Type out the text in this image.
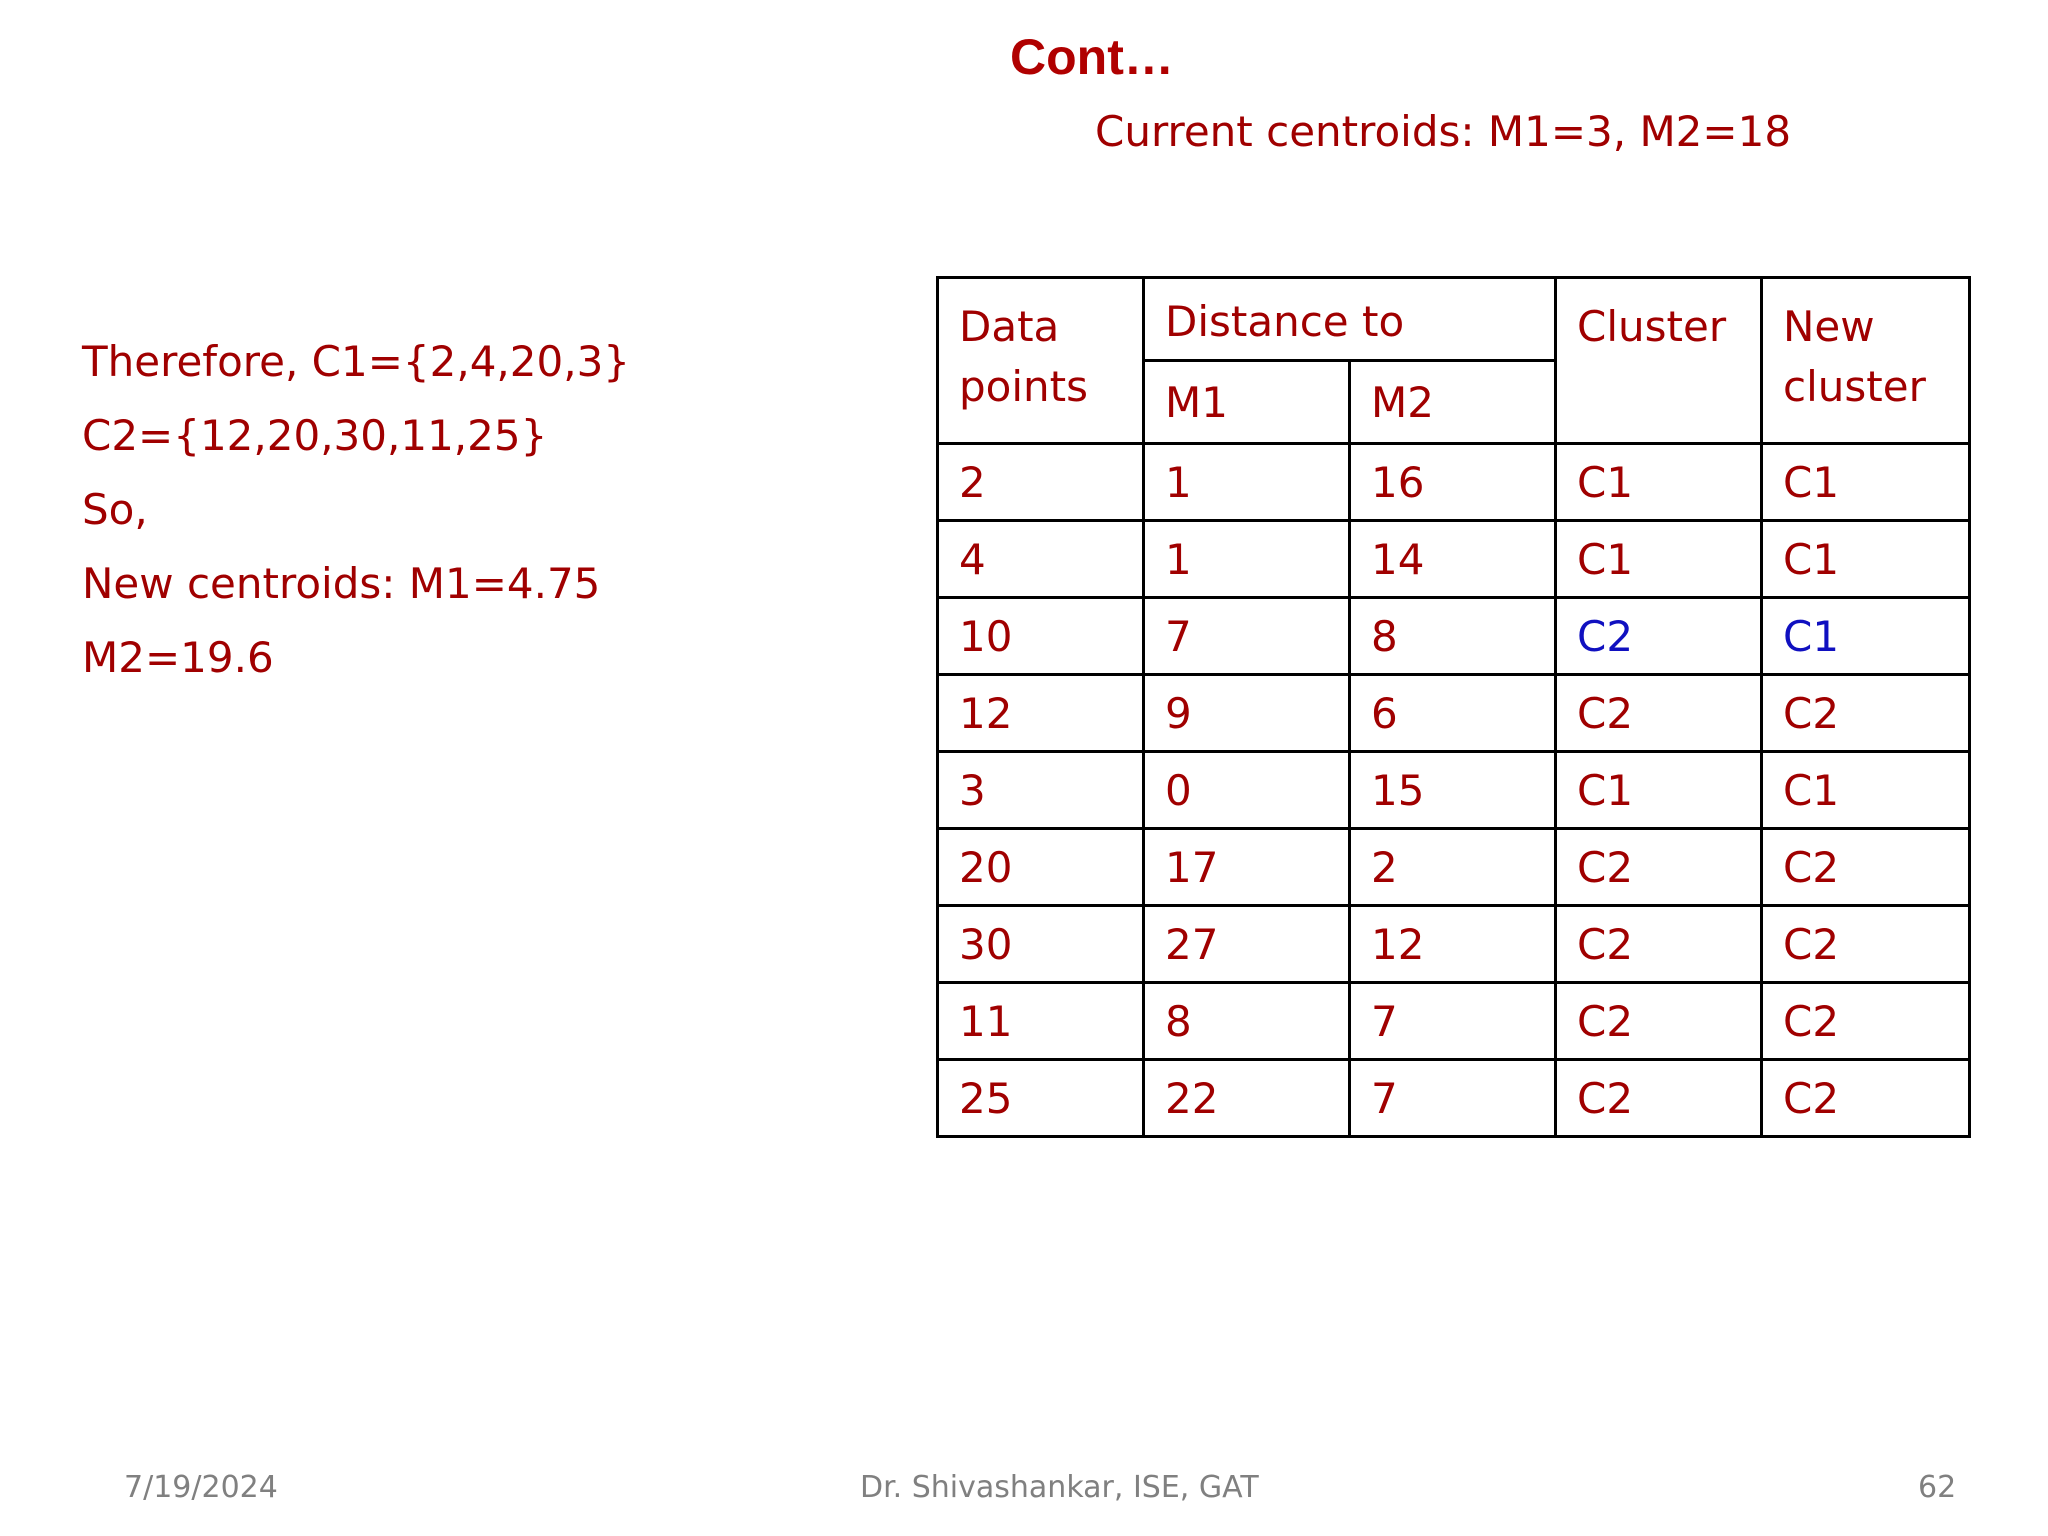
Cont…
Current centroids: M1=3, M2=18
Therefore, C1={2,4,20,3}
C2={12,20,30,11,25}
So,
New centroids: M1=4.75
M2=19.6
Data points	Distance to		Cluster	New cluster
	M1	M2		
2	1	16	C1	C1
4	1	14	C1	C1
10	7	8	C2	C1
12	9	6	C2	C2
3	0	15	C1	C1
20	17	2	C2	C2
30	27	12	C2	C2
11	8	7	C2	C2
25	22	7	C2	C2
7/19/2024	Dr. Shivashankar, ISE, GAT	62
